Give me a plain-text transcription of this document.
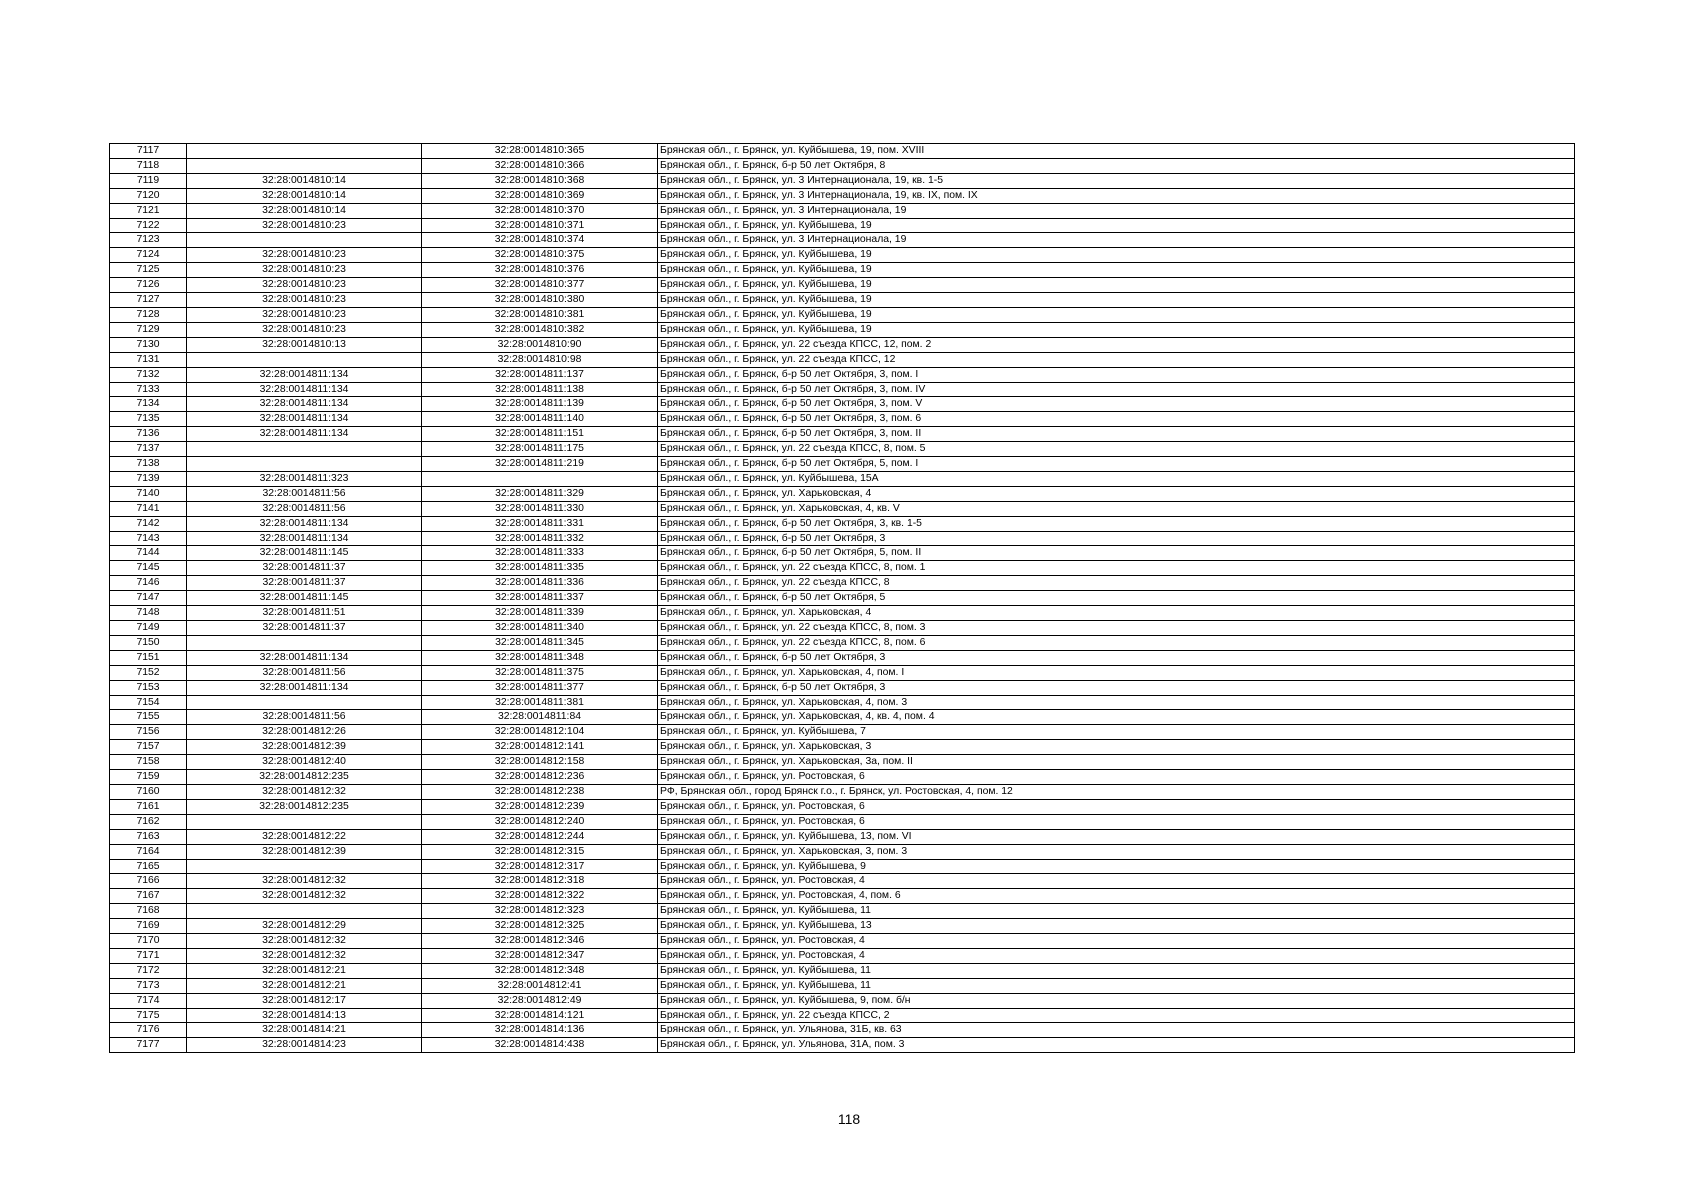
7117		32:28:0014810:365	Брянская обл., г. Брянск, ул. Куйбышева, 19, пом. XVIII
7118		32:28:0014810:366	Брянская обл., г. Брянск, б-р 50 лет Октября, 8
7119	32:28:0014810:14	32:28:0014810:368	Брянская обл., г. Брянск, ул. 3 Интернационала, 19, кв. 1-5
7120	32:28:0014810:14	32:28:0014810:369	Брянская обл., г. Брянск, ул. 3 Интернационала, 19, кв. IX, пом. IX
7121	32:28:0014810:14	32:28:0014810:370	Брянская обл., г. Брянск, ул. 3 Интернационала, 19
7122	32:28:0014810:23	32:28:0014810:371	Брянская обл., г. Брянск, ул. Куйбышева, 19
7123		32:28:0014810:374	Брянская обл., г. Брянск, ул. 3 Интернационала, 19
7124	32:28:0014810:23	32:28:0014810:375	Брянская обл., г. Брянск, ул. Куйбышева, 19
7125	32:28:0014810:23	32:28:0014810:376	Брянская обл., г. Брянск, ул. Куйбышева, 19
7126	32:28:0014810:23	32:28:0014810:377	Брянская обл., г. Брянск, ул. Куйбышева, 19
7127	32:28:0014810:23	32:28:0014810:380	Брянская обл., г. Брянск, ул. Куйбышева, 19
7128	32:28:0014810:23	32:28:0014810:381	Брянская обл., г. Брянск, ул. Куйбышева, 19
7129	32:28:0014810:23	32:28:0014810:382	Брянская обл., г. Брянск, ул. Куйбышева, 19
7130	32:28:0014810:13	32:28:0014810:90	Брянская обл., г. Брянск, ул. 22 съезда КПСС, 12, пом. 2
7131		32:28:0014810:98	Брянская обл., г. Брянск, ул. 22 съезда КПСС, 12
7132	32:28:0014811:134	32:28:0014811:137	Брянская обл., г. Брянск, б-р 50 лет Октября, 3, пом. I
7133	32:28:0014811:134	32:28:0014811:138	Брянская обл., г. Брянск, б-р 50 лет Октября, 3, пом. IV
7134	32:28:0014811:134	32:28:0014811:139	Брянская обл., г. Брянск, б-р 50 лет Октября, 3, пом. V
7135	32:28:0014811:134	32:28:0014811:140	Брянская обл., г. Брянск, б-р 50 лет Октября, 3, пом. 6
7136	32:28:0014811:134	32:28:0014811:151	Брянская обл., г. Брянск, б-р 50 лет Октября, 3, пом. II
7137		32:28:0014811:175	Брянская обл., г. Брянск, ул. 22 съезда КПСС, 8, пом. 5
7138		32:28:0014811:219	Брянская обл., г. Брянск, б-р 50 лет Октября, 5, пом. I
7139	32:28:0014811:323		Брянская обл., г. Брянск, ул. Куйбышева, 15А
7140	32:28:0014811:56	32:28:0014811:329	Брянская обл., г. Брянск, ул. Харьковская, 4
7141	32:28:0014811:56	32:28:0014811:330	Брянская обл., г. Брянск, ул. Харьковская, 4, кв. V
7142	32:28:0014811:134	32:28:0014811:331	Брянская обл., г. Брянск, б-р 50 лет Октября, 3, кв. 1-5
7143	32:28:0014811:134	32:28:0014811:332	Брянская обл., г. Брянск, б-р 50 лет Октября, 3
7144	32:28:0014811:145	32:28:0014811:333	Брянская обл., г. Брянск, б-р 50 лет Октября, 5, пом. II
7145	32:28:0014811:37	32:28:0014811:335	Брянская обл., г. Брянск, ул. 22 съезда КПСС, 8, пом. 1
7146	32:28:0014811:37	32:28:0014811:336	Брянская обл., г. Брянск, ул. 22 съезда КПСС, 8
7147	32:28:0014811:145	32:28:0014811:337	Брянская обл., г. Брянск, б-р 50 лет Октября, 5
7148	32:28:0014811:51	32:28:0014811:339	Брянская обл., г. Брянск, ул. Харьковская, 4
7149	32:28:0014811:37	32:28:0014811:340	Брянская обл., г. Брянск, ул. 22 съезда КПСС, 8, пом. 3
7150		32:28:0014811:345	Брянская обл., г. Брянск, ул. 22 съезда КПСС, 8, пом. 6
7151	32:28:0014811:134	32:28:0014811:348	Брянская обл., г. Брянск, б-р 50 лет Октября, 3
7152	32:28:0014811:56	32:28:0014811:375	Брянская обл., г. Брянск, ул. Харьковская, 4, пом. I
7153	32:28:0014811:134	32:28:0014811:377	Брянская обл., г. Брянск, б-р 50 лет Октября, 3
7154		32:28:0014811:381	Брянская обл., г. Брянск, ул. Харьковская, 4, пом. 3
7155	32:28:0014811:56	32:28:0014811:84	Брянская обл., г. Брянск, ул. Харьковская, 4, кв. 4, пом. 4
7156	32:28:0014812:26	32:28:0014812:104	Брянская обл., г. Брянск, ул. Куйбышева, 7
7157	32:28:0014812:39	32:28:0014812:141	Брянская обл., г. Брянск, ул. Харьковская, 3
7158	32:28:0014812:40	32:28:0014812:158	Брянская обл., г. Брянск, ул. Харьковская, 3а, пом. II
7159	32:28:0014812:235	32:28:0014812:236	Брянская обл., г. Брянск, ул. Ростовская, 6
7160	32:28:0014812:32	32:28:0014812:238	РФ, Брянская обл., город Брянск г.о., г. Брянск, ул. Ростовская, 4, пом. 12
7161	32:28:0014812:235	32:28:0014812:239	Брянская обл., г. Брянск, ул. Ростовская, 6
7162		32:28:0014812:240	Брянская обл., г. Брянск, ул. Ростовская, 6
7163	32:28:0014812:22	32:28:0014812:244	Брянская обл., г. Брянск, ул. Куйбышева, 13, пом. VI
7164	32:28:0014812:39	32:28:0014812:315	Брянская обл., г. Брянск, ул. Харьковская, 3, пом. 3
7165		32:28:0014812:317	Брянская обл., г. Брянск, ул. Куйбышева, 9
7166	32:28:0014812:32	32:28:0014812:318	Брянская обл., г. Брянск, ул. Ростовская, 4
7167	32:28:0014812:32	32:28:0014812:322	Брянская обл., г. Брянск, ул. Ростовская, 4, пом. 6
7168		32:28:0014812:323	Брянская обл., г. Брянск, ул. Куйбышева, 11
7169	32:28:0014812:29	32:28:0014812:325	Брянская обл., г. Брянск, ул. Куйбышева, 13
7170	32:28:0014812:32	32:28:0014812:346	Брянская обл., г. Брянск, ул. Ростовская, 4
7171	32:28:0014812:32	32:28:0014812:347	Брянская обл., г. Брянск, ул. Ростовская, 4
7172	32:28:0014812:21	32:28:0014812:348	Брянская обл., г. Брянск, ул. Куйбышева, 11
7173	32:28:0014812:21	32:28:0014812:41	Брянская обл., г. Брянск, ул. Куйбышева, 11
7174	32:28:0014812:17	32:28:0014812:49	Брянская обл., г. Брянск, ул. Куйбышева, 9, пом. б/н
7175	32:28:0014814:13	32:28:0014814:121	Брянская обл., г. Брянск, ул. 22 съезда КПСС, 2
7176	32:28:0014814:21	32:28:0014814:136	Брянская обл., г. Брянск, ул. Ульянова, 31Б, кв. 63
7177	32:28:0014814:23	32:28:0014814:438	Брянская обл., г. Брянск, ул. Ульянова, 31А, пом. 3
118
